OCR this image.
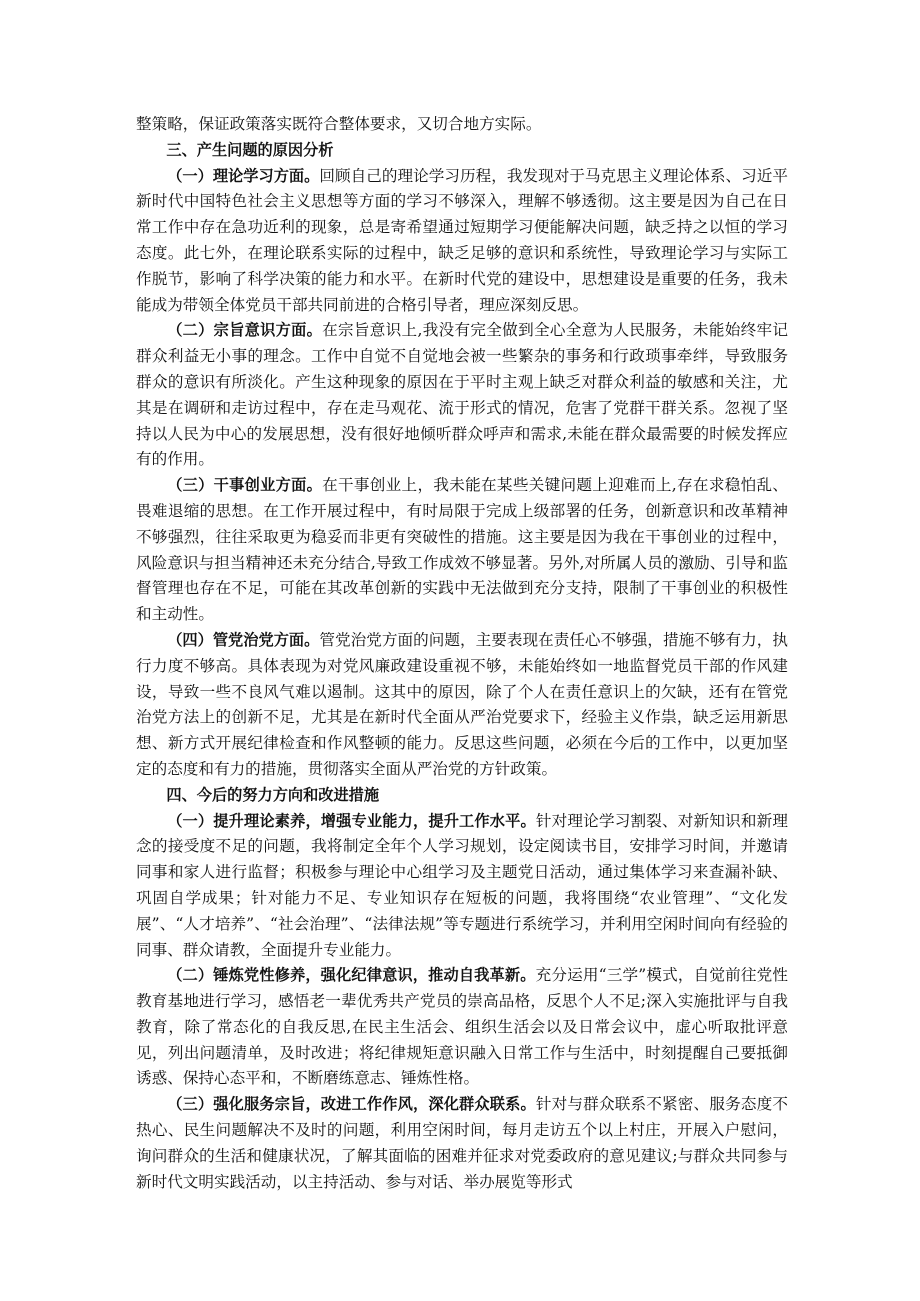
整策略，保证政策落实既符合整体要求，又切合地方实际。

三、产生问题的原因分析

（一）理论学习方面。回顾自己的理论学习历程，我发现对于马克思主义理论体系、习近平新时代中国特色社会主义思想等方面的学习不够深入，理解不够透彻。这主要是因为自己在日常工作中存在急功近利的现象，总是寄希望通过短期学习便能解决问题，缺乏持之以恒的学习态度。此七外，在理论联系实际的过程中，缺乏足够的意识和系统性，导致理论学习与实际工作脱节，影响了科学决策的能力和水平。在新时代党的建设中，思想建设是重要的任务，我未能成为带领全体党员干部共同前进的合格引导者，理应深刻反思。

（二）宗旨意识方面。在宗旨意识上,我没有完全做到全心全意为人民服务，未能始终牢记群众利益无小事的理念。工作中自觉不自觉地会被一些繁杂的事务和行政琐事牵绊，导致服务群众的意识有所淡化。产生这种现象的原因在于平时主观上缺乏对群众利益的敏感和关注，尤其是在调研和走访过程中，存在走马观花、流于形式的情况，危害了党群干群关系。忽视了坚持以人民为中心的发展思想，没有很好地倾听群众呼声和需求,未能在群众最需要的时候发挥应有的作用。

（三）干事创业方面。在干事创业上，我未能在某些关键问题上迎难而上,存在求稳怕乱、畏难退缩的思想。在工作开展过程中，有时局限于完成上级部署的任务，创新意识和改革精神不够强烈，往往采取更为稳妥而非更有突破性的措施。这主要是因为我在干事创业的过程中，风险意识与担当精神还未充分结合,导致工作成效不够显著。另外,对所属人员的激励、引导和监督管理也存在不足，可能在其改革创新的实践中无法做到充分支持，限制了干事创业的积极性和主动性。

（四）管党治党方面。管党治党方面的问题，主要表现在责任心不够强，措施不够有力，执行力度不够高。具体表现为对党风廉政建设重视不够，未能始终如一地监督党员干部的作风建设，导致一些不良风气难以遏制。这其中的原因，除了个人在责任意识上的欠缺，还有在管党治党方法上的创新不足，尤其是在新时代全面从严治党要求下，经验主义作祟，缺乏运用新思想、新方式开展纪律检查和作风整顿的能力。反思这些问题，必须在今后的工作中，以更加坚定的态度和有力的措施，贯彻落实全面从严治党的方针政策。

四、今后的努力方向和改进措施

（一）提升理论素养，增强专业能力，提升工作水平。针对理论学习割裂、对新知识和新理念的接受度不足的问题，我将制定全年个人学习规划，设定阅读书目，安排学习时间，并邀请同事和家人进行监督；积极参与理论中心组学习及主题党日活动，通过集体学习来查漏补缺、巩固自学成果；针对能力不足、专业知识存在短板的问题，我将围绕“农业管理”、“文化发展”、“人才培养”、“社会治理”、“法律法规”等专题进行系统学习，并利用空闲时间向有经验的同事、群众请教，全面提升专业能力。

（二）锤炼党性修养，强化纪律意识，推动自我革新。充分运用“三学”模式，自觉前往党性教育基地进行学习，感悟老一辈优秀共产党员的崇高品格，反思个人不足;深入实施批评与自我教育，除了常态化的自我反思,在民主生活会、组织生活会以及日常会议中，虚心听取批评意见，列出问题清单，及时改进；将纪律规矩意识融入日常工作与生活中，时刻提醒自己要抵御诱惑、保持心态平和，不断磨练意志、锤炼性格。

（三）强化服务宗旨，改进工作作风，深化群众联系。针对与群众联系不紧密、服务态度不热心、民生问题解决不及时的问题，利用空闲时间，每月走访五个以上村庄，开展入户慰问，询问群众的生活和健康状况，了解其面临的困难并征求对党委政府的意见建议;与群众共同参与新时代文明实践活动，以主持活动、参与对话、举办展览等形式
